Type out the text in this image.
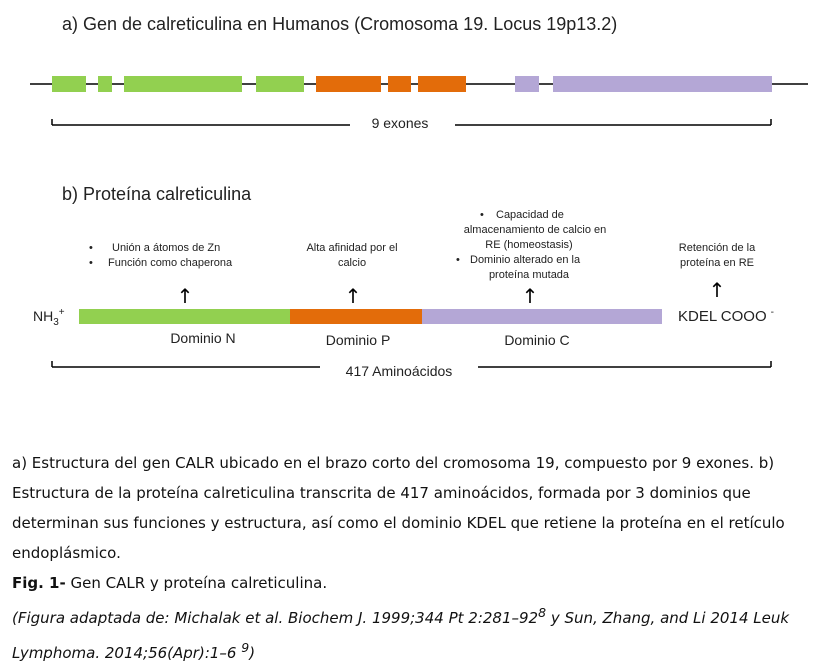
a) Gen de calreticulina en Humanos (Cromosoma 19. Locus 19p13.2)
9 exones
b) Proteína calreticulina
• Unión a átomos de Zn
• Función como chaperona
Alta afinidad por el
calcio
• Capacidad de
almacenamiento de calcio en
RE (homeostasis)
• Dominio alterado en la
proteína mutada
Retención de la
proteína en RE
↑	↑	↑	↑
$NH_3^+$	KDEL COOO -
Dominio N	Dominio P	Dominio C
417 Aminoácidos

a) Estructura del gen CALR ubicado en el brazo corto del cromosoma 19, compuesto por 9 exones. b) Estructura de la proteína calreticulina transcrita de 417 aminoácidos, formada por 3 dominios que determinan sus funciones y estructura, así como el dominio KDEL que retiene la proteína en el retículo endoplásmico.

Fig. 1- Gen CALR y proteína calreticulina.

(Figura adaptada de: Michalak et al. Biochem J. 1999;344 Pt $2:281-92^8$ y Sun, Zhang, and Li 2014 Leuk Lymphoma. 2014;56(Apr):1–6 $^9$)
